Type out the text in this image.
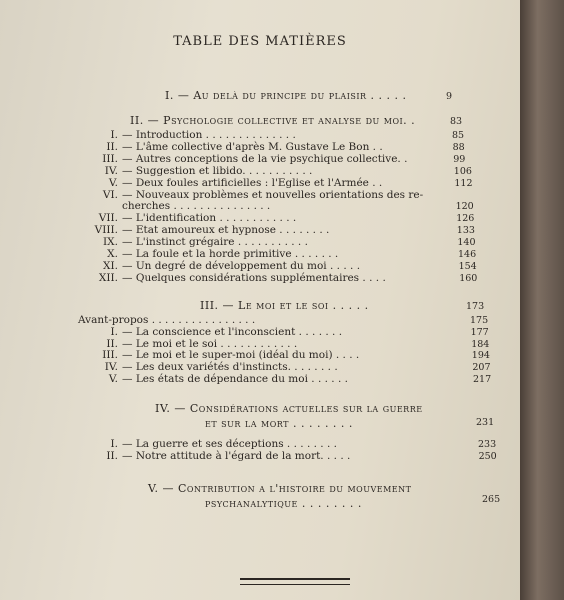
TABLE DES MATIÈRES
I. — Au delà du principe du plaisir . . . . .	9
II. — Psychologie collective et analyse du moi. .	83
I. — Introduction . . . . . . . . . . . . . .	85
II. — L'âme collective d'après M. Gustave Le Bon . .	88
III. — Autres conceptions de la vie psychique collective. .	99
IV. — Suggestion et libido. . . . . . . . . . .	106
V. — Deux foules artificielles : l'Eglise et l'Armée . .	112
VI. — Nouveaux problèmes et nouvelles orientations des re-
cherches . . . . . . . . . . . . . . .	120
VII. — L'identification . . . . . . . . . . . .	126
VIII. — Etat amoureux et hypnose . . . . . . . .	133
IX. — L'instinct grégaire . . . . . . . . . . .	140
X. — La foule et la horde primitive . . . . . . .	146
XI. — Un degré de développement du moi . . . . .	154
XII. — Quelques considérations supplémentaires . . . .	160
III. — Le moi et le soi . . . . .	173
Avant-propos . . . . . . . . . . . . . . . .	175
I. — La conscience et l'inconscient . . . . . . .	177
II. — Le moi et le soi . . . . . . . . . . . .	184
III. — Le moi et le super-moi (idéal du moi) . . . .	194
IV. — Les deux variétés d'instincts. . . . . . . .	207
V. — Les états de dépendance du moi . . . . . .	217
IV. — Considérations actuelles sur la guerre
et sur la mort . . . . . . . .	231
I. — La guerre et ses déceptions . . . . . . . .	233
II. — Notre attitude à l'égard de la mort. . . . .	250
V. — Contribution a l'histoire du mouvement
psychanalytique . . . . . . . .	265
